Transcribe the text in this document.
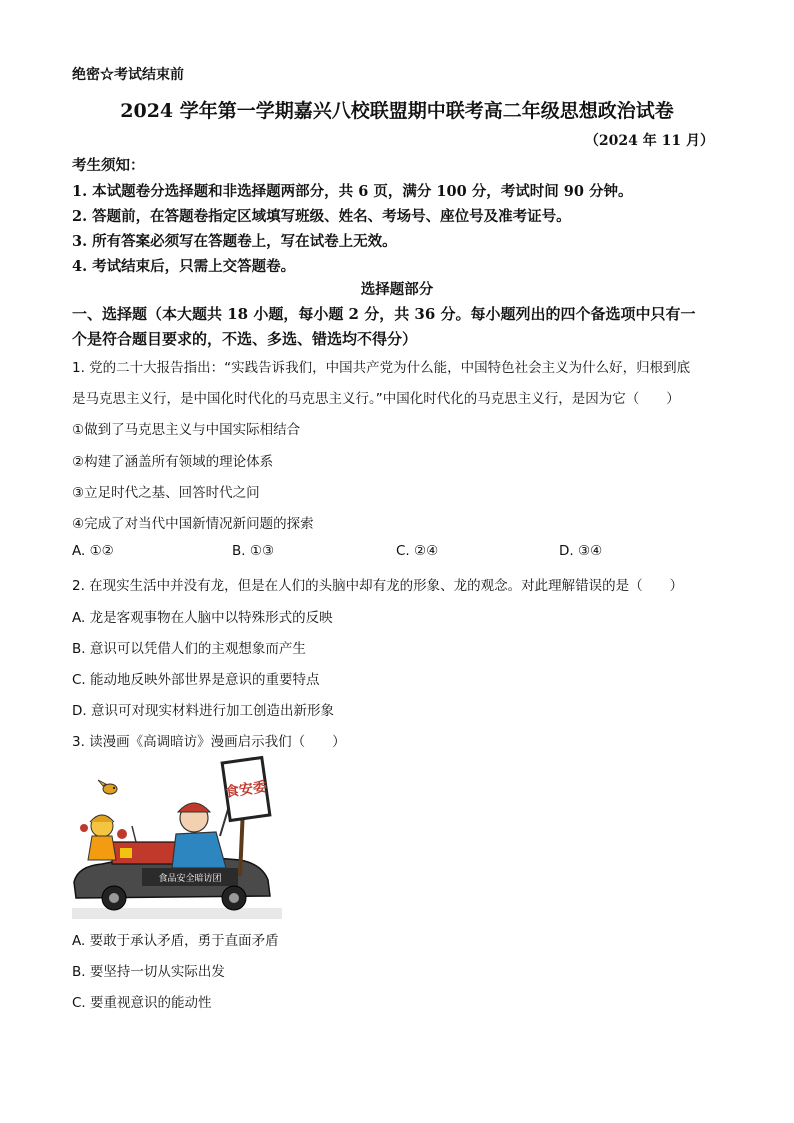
绝密☆考试结束前
2024 学年第一学期嘉兴八校联盟期中联考高二年级思想政治试卷
（2024 年 11 月）
考生须知：
1. 本试题卷分选择题和非选择题两部分，共 6 页，满分 100 分，考试时间 90 分钟。
2. 答题前，在答题卷指定区域填写班级、姓名、考场号、座位号及准考证号。
3. 所有答案必须写在答题卷上，写在试卷上无效。
4. 考试结束后，只需上交答题卷。
选择题部分
一、选择题（本大题共 18 小题，每小题 2 分，共 36 分。每小题列出的四个备选项中只有一
个是符合题目要求的，不选、多选、错选均不得分）
1. 党的二十大报告指出：“实践告诉我们，中国共产党为什么能，中国特色社会主义为什么好，归根到底
是马克思主义行，是中国化时代化的马克思主义行。”中国化时代化的马克思主义行，是因为它（　　）
①做到了马克思主义与中国实际相结合
②构建了涵盖所有领域的理论体系
③立足时代之基、回答时代之问
④完成了对当代中国新情况新问题的探索
A. ①②	B. ①③	C. ②④	D. ③④
2. 在现实生活中并没有龙，但是在人们的头脑中却有龙的形象、龙的观念。对此理解错误的是（　　）
A. 龙是客观事物在人脑中以特殊形式的反映
B. 意识可以凭借人们的主观想象而产生
C. 能动地反映外部世界是意识的重要特点
D. 意识可对现实材料进行加工创造出新形象
3. 读漫画《高调暗访》漫画启示我们（　　）
食品安全暗访团
食安委
A. 要敢于承认矛盾，勇于直面矛盾
B. 要坚持一切从实际出发
C. 要重视意识的能动性
